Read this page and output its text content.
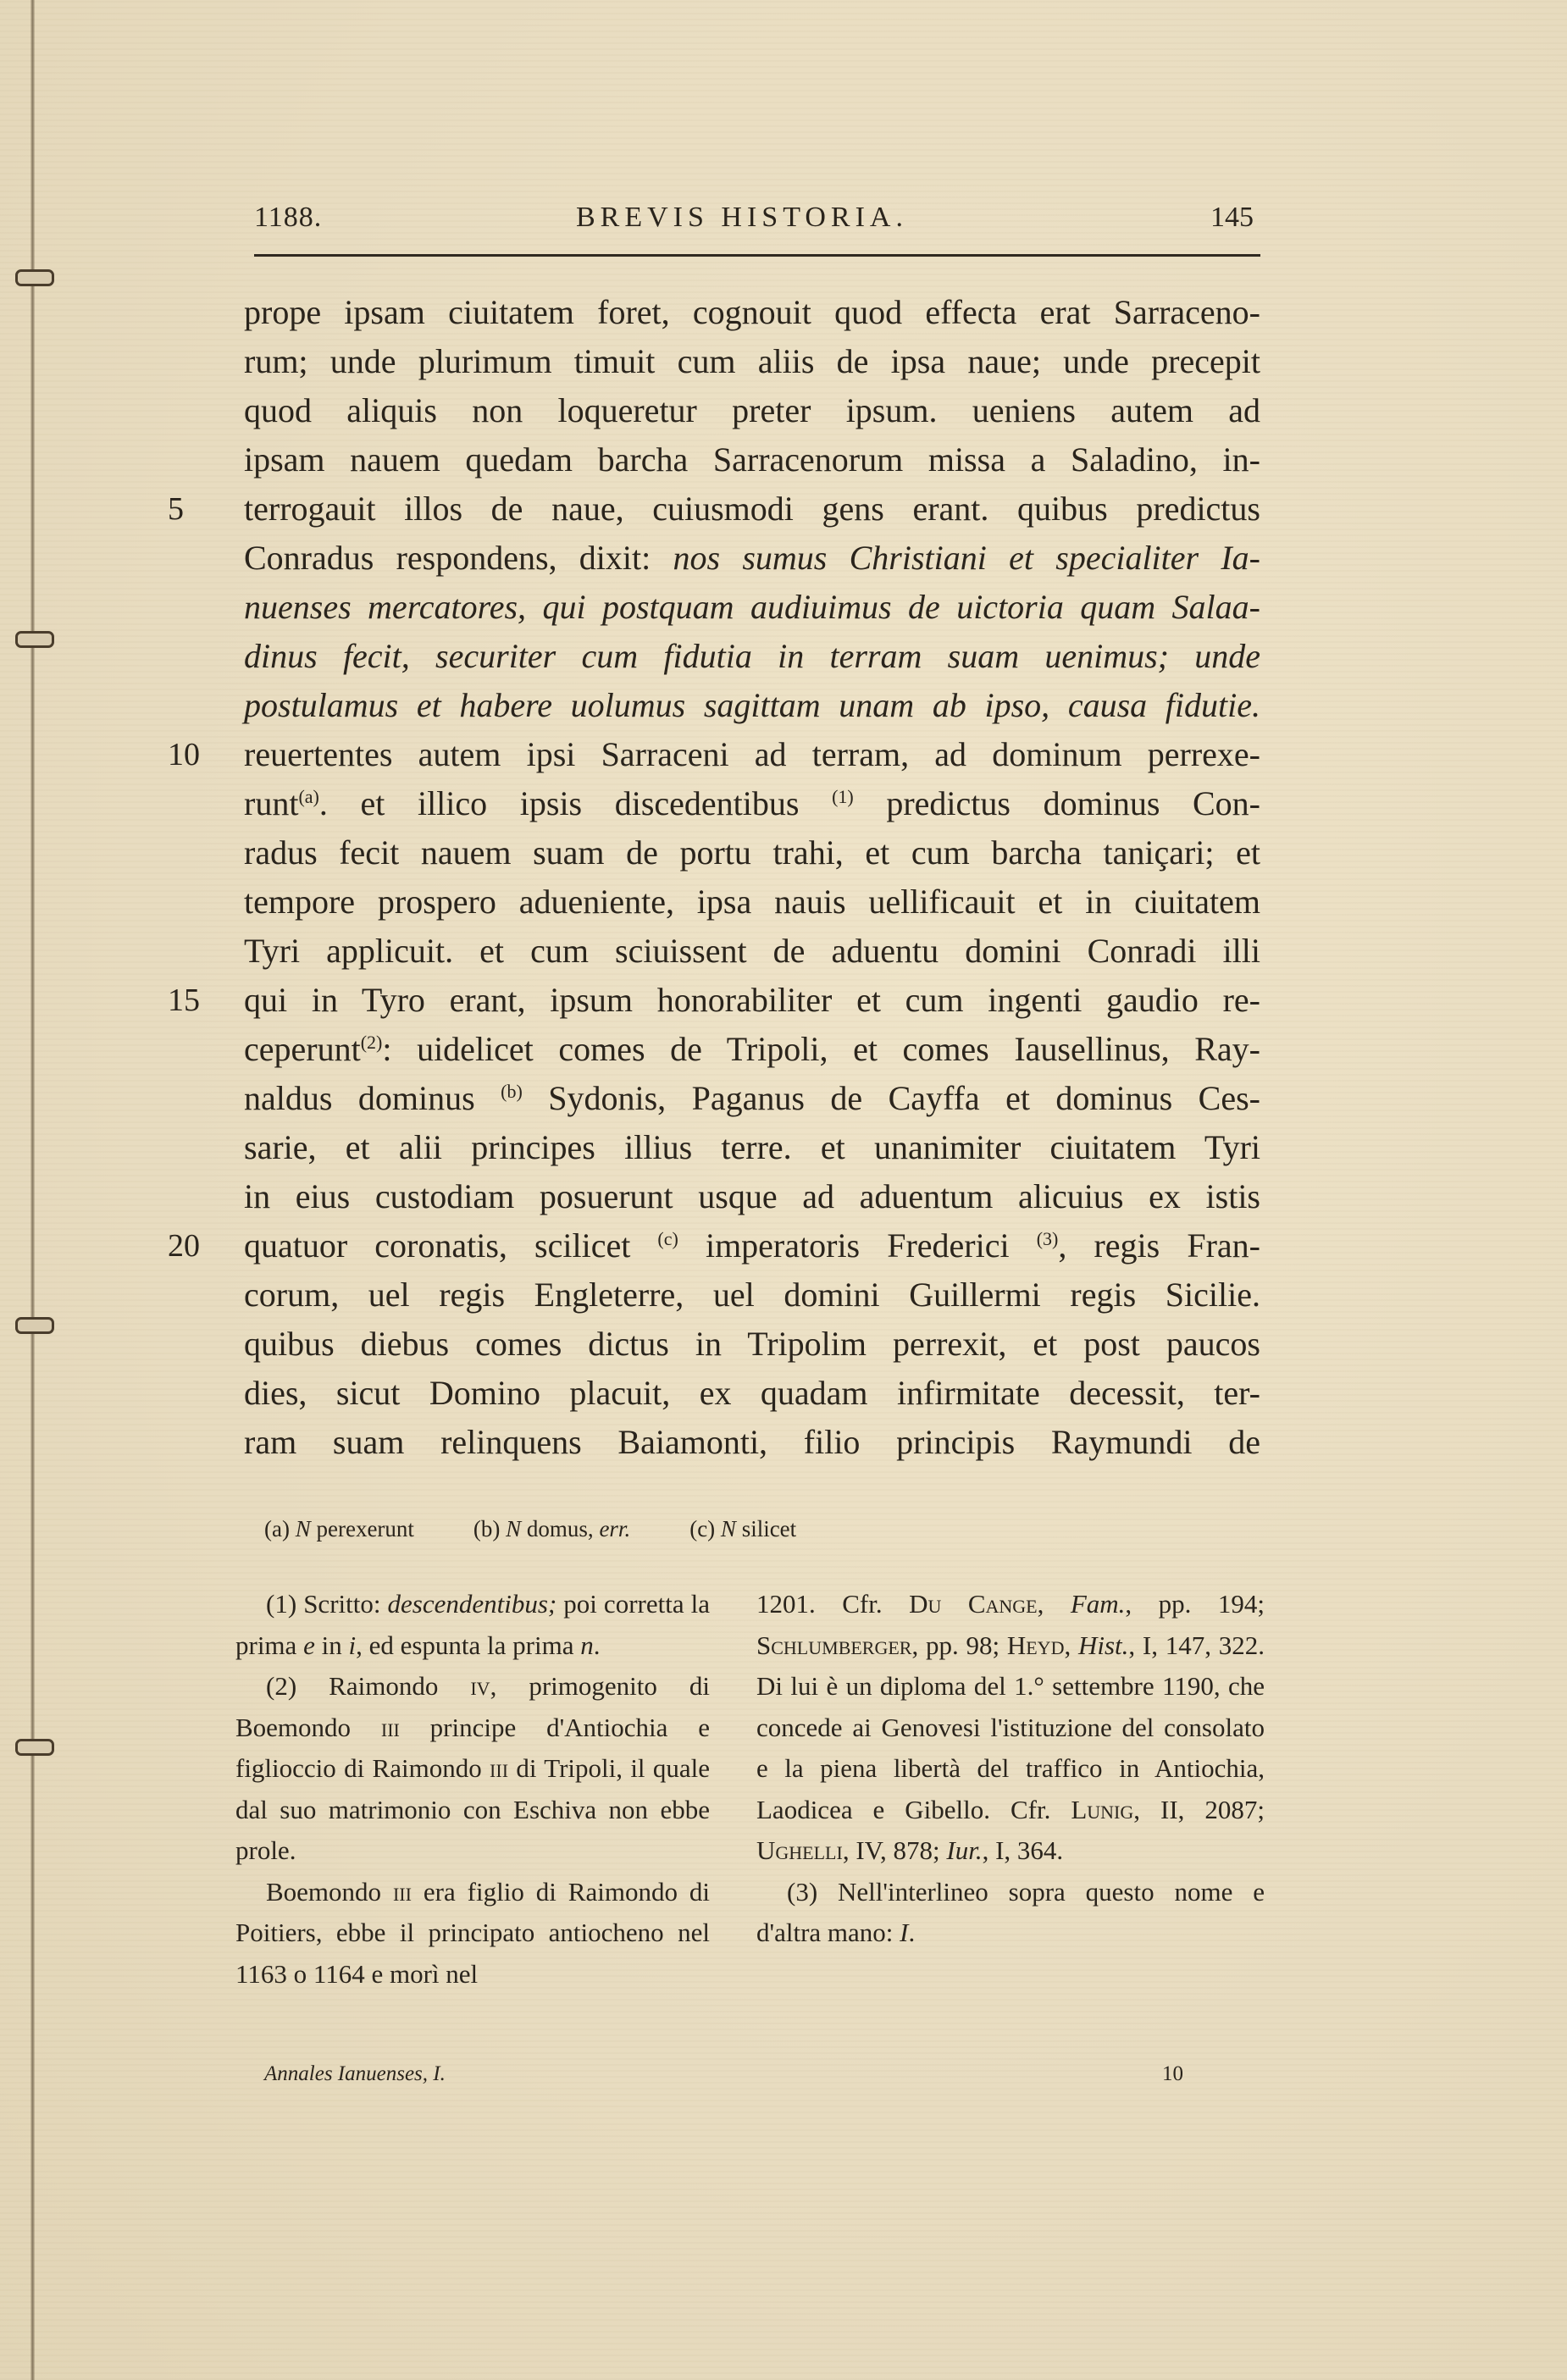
1188.	BREVIS HISTORIA.	145
prope ipsam ciuitatem foret, cognouit quod effecta erat Sarraceno-
rum; unde plurimum timuit cum aliis de ipsa naue; unde precepit
quod aliquis non loqueretur preter ipsum. ueniens autem ad
ipsam nauem quedam barcha Sarracenorum missa a Saladino, in-
5	terrogauit illos de naue, cuiusmodi gens erant. quibus predictus
Conradus respondens, dixit: nos sumus Christiani et specialiter Ia-
nuenses mercatores, qui postquam audiuimus de uictoria quam Salaa-
dinus fecit, securiter cum fidutia in terram suam uenimus; unde
postulamus et habere uolumus sagittam unam ab ipso, causa fidutie.
10	reuertentes autem ipsi Sarraceni ad terram, ad dominum perrexe-
runt$^{(a)}$. et illico ipsis discedentibus $^{(1)}$ predictus dominus Con-
radus fecit nauem suam de portu trahi, et cum barcha taniçari; et
tempore prospero adueniente, ipsa nauis uellificauit et in ciuitatem
Tyri applicuit. et cum sciuissent de aduentu domini Conradi illi
15	qui in Tyro erant, ipsum honorabiliter et cum ingenti gaudio re-
ceperunt$^{(2)}$: uidelicet comes de Tripoli, et comes Iausellinus, Ray-
naldus dominus $^{(b)}$ Sydonis, Paganus de Cayffa et dominus Ces-
sarie, et alii principes illius terre. et unanimiter ciuitatem Tyri
in eius custodiam posuerunt usque ad aduentum alicuius ex istis
20	quatuor coronatis, scilicet $^{(c)}$ imperatoris Frederici $^{(3)}$, regis Fran-
corum, uel regis Engleterre, uel domini Guillermi regis Sicilie.
quibus diebus comes dictus in Tripolim perrexit, et post paucos
dies, sicut Domino placuit, ex quadam infirmitate decessit, ter-
ram suam relinquens Baiamonti, filio principis Raymundi de
(a) N perexerunt	(b) N domus, err.	(c) N silicet

(1) Scritto: descendentibus; poi corretta la prima e in i, ed espunta la prima n.

(2) Raimondo iv, primogenito di Boemondo iii principe d'Antiochia e figlioccio di Raimondo iii di Tripoli, il quale dal suo matrimonio con Eschiva non ebbe prole.

Boemondo iii era figlio di Raimondo di Poitiers, ebbe il principato antiocheno nel 1163 o 1164 e morì nel

1201. Cfr. Du Cange, Fam., pp. 194; Schlumberger, pp. 98; Heyd, Hist., I, 147, 322. Di lui è un diploma del 1.° settembre 1190, che concede ai Genovesi l'istituzione del consolato e la piena libertà del traffico in Antiochia, Laodicea e Gibello. Cfr. Lunig, II, 2087; Ughelli, IV, 878; Iur., I, 364.

(3) Nell'interlineo sopra questo nome e d'altra mano: I.

Annales Ianuenses, I.	10
